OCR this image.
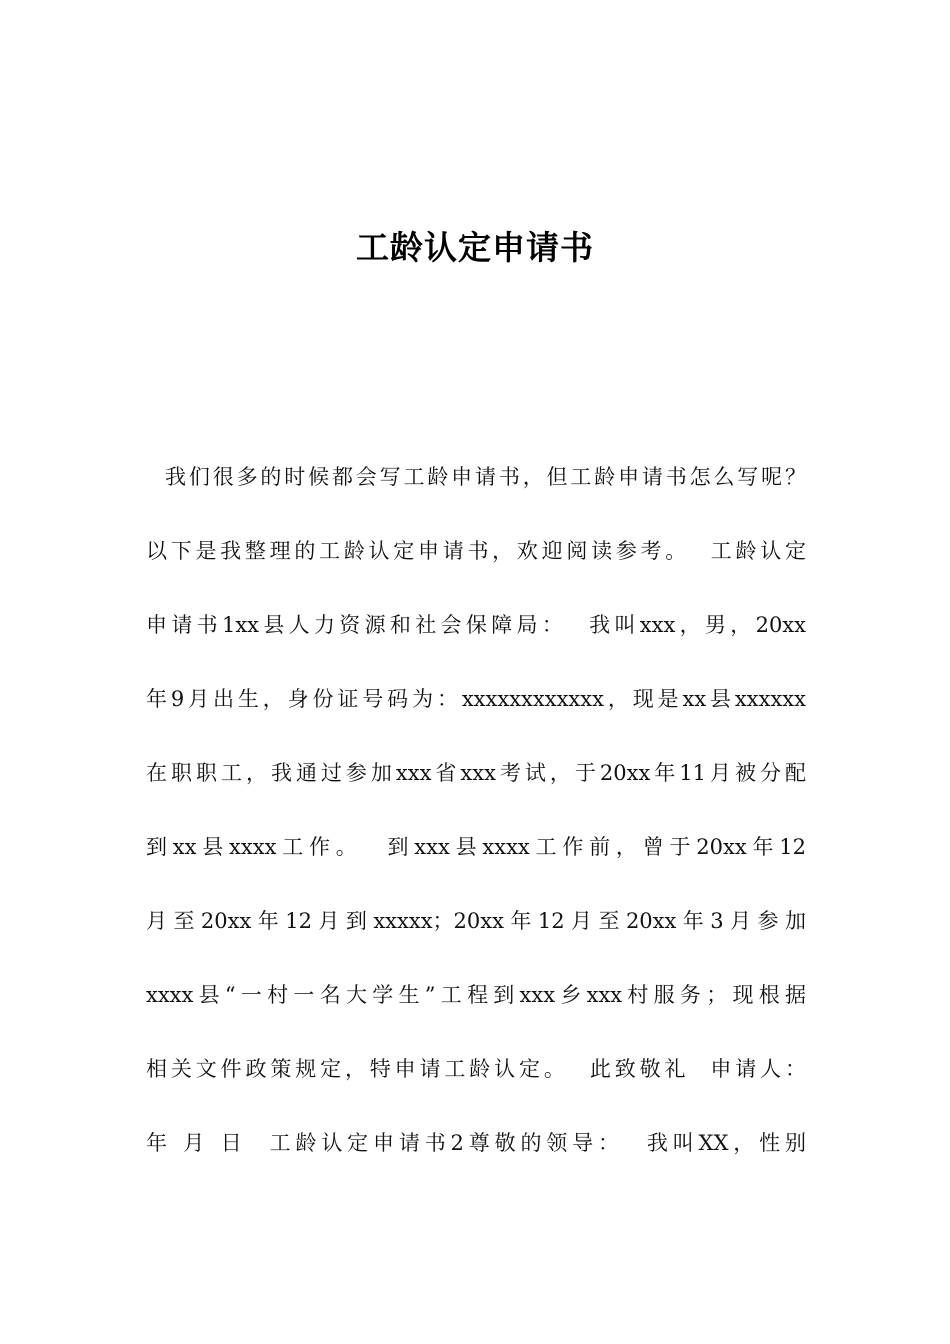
工龄认定申请书
我们很多的时候都会写工龄申请书，但工龄申请书怎么写呢？
以下是我整理的工龄认定申请书，欢迎阅读参考。  工龄认定
申请书1xx县人力资源和社会保障局：  我叫xxx，男，20xx
年9月出生，身份证号码为：xxxxxxxxxxxx，现是xx县xxxxxx
在职职工，我通过参加xxx省xxx考试，于20xx年11月被分配
到xx县xxxx工作。  到xxx县xxxx工作前，曾于20xx年12
月至20xx年12月到xxxxx；20xx年12月至20xx年3月参加
xxxx县“一村一名大学生”工程到xxx乡xxx村服务；现根据
相关文件政策规定，特申请工龄认定。  此致敬礼  申请人：
年 月 日  工龄认定申请书2尊敬的领导：  我叫XX，性别
